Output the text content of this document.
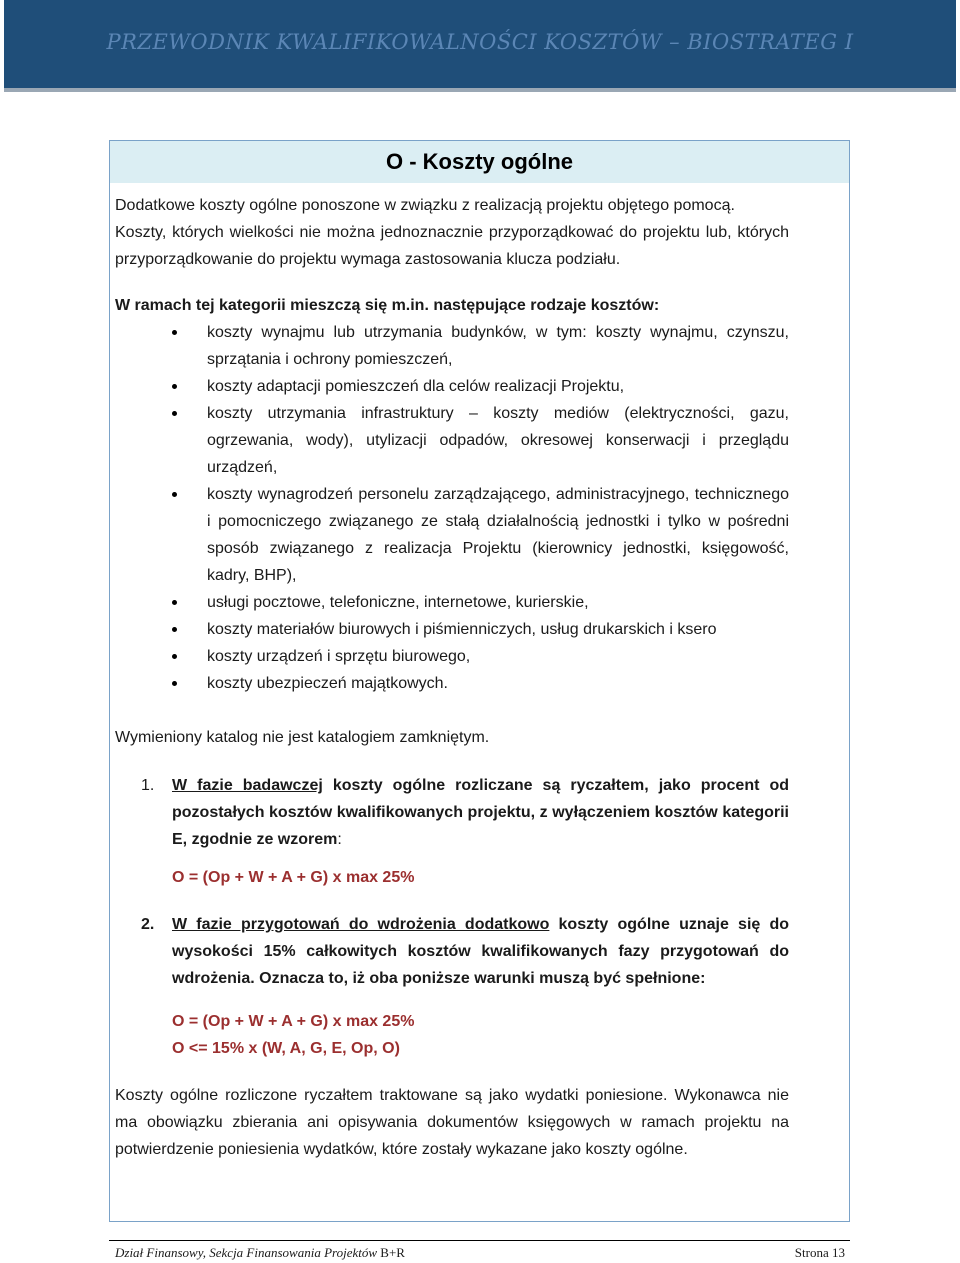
PRZEWODNIK KWALIFIKOWALNOŚCI KOSZTÓW – BIOSTRATEG I
O - Koszty ogólne

Dodatkowe koszty ogólne ponoszone w związku z realizacją projektu objętego pomocą.

Koszty, których wielkości nie można jednoznacznie przyporządkować do projektu lub, których przyporządkowanie do projektu wymaga zastosowania klucza podziału.

W ramach tej kategorii mieszczą się m.in. następujące rodzaje kosztów:

koszty wynajmu lub utrzymania budynków, w tym: koszty wynajmu, czynszu, sprzątania i ochrony pomieszczeń,
koszty adaptacji pomieszczeń dla celów realizacji Projektu,
koszty utrzymania infrastruktury – koszty mediów (elektryczności, gazu, ogrzewania, wody), utylizacji odpadów, okresowej konserwacji i przeglądu urządzeń,
koszty wynagrodzeń personelu zarządzającego, administracyjnego, technicznego i pomocniczego związanego ze stałą działalnością jednostki i tylko w pośredni sposób związanego z realizacja Projektu (kierownicy jednostki, księgowość, kadry, BHP),
usługi pocztowe, telefoniczne, internetowe, kurierskie,
koszty materiałów biurowych i piśmienniczych, usług drukarskich i ksero
koszty urządzeń i sprzętu biurowego,
koszty ubezpieczeń majątkowych.

Wymieniony katalog nie jest katalogiem zamkniętym.

1. W fazie badawczej koszty ogólne rozliczane są ryczałtem, jako procent od pozostałych kosztów kwalifikowanych projektu, z wyłączeniem kosztów kategorii E, zgodnie ze wzorem:
O = (Op + W + A + G) x max 25%
2. W fazie przygotowań do wdrożenia dodatkowo koszty ogólne uznaje się do wysokości 15% całkowitych kosztów kwalifikowanych fazy przygotowań do wdrożenia. Oznacza to, iż oba poniższe warunki muszą być spełnione:
O = (Op + W + A + G) x max 25%
O <= 15% x (W, A, G, E, Op, O)

Koszty ogólne rozliczone ryczałtem traktowane są jako wydatki poniesione. Wykonawca nie ma obowiązku zbierania ani opisywania dokumentów księgowych w ramach projektu na potwierdzenie poniesienia wydatków, które zostały wykazane jako koszty ogólne.

Dział Finansowy, Sekcja Finansowania Projektów B+R	Strona 13
